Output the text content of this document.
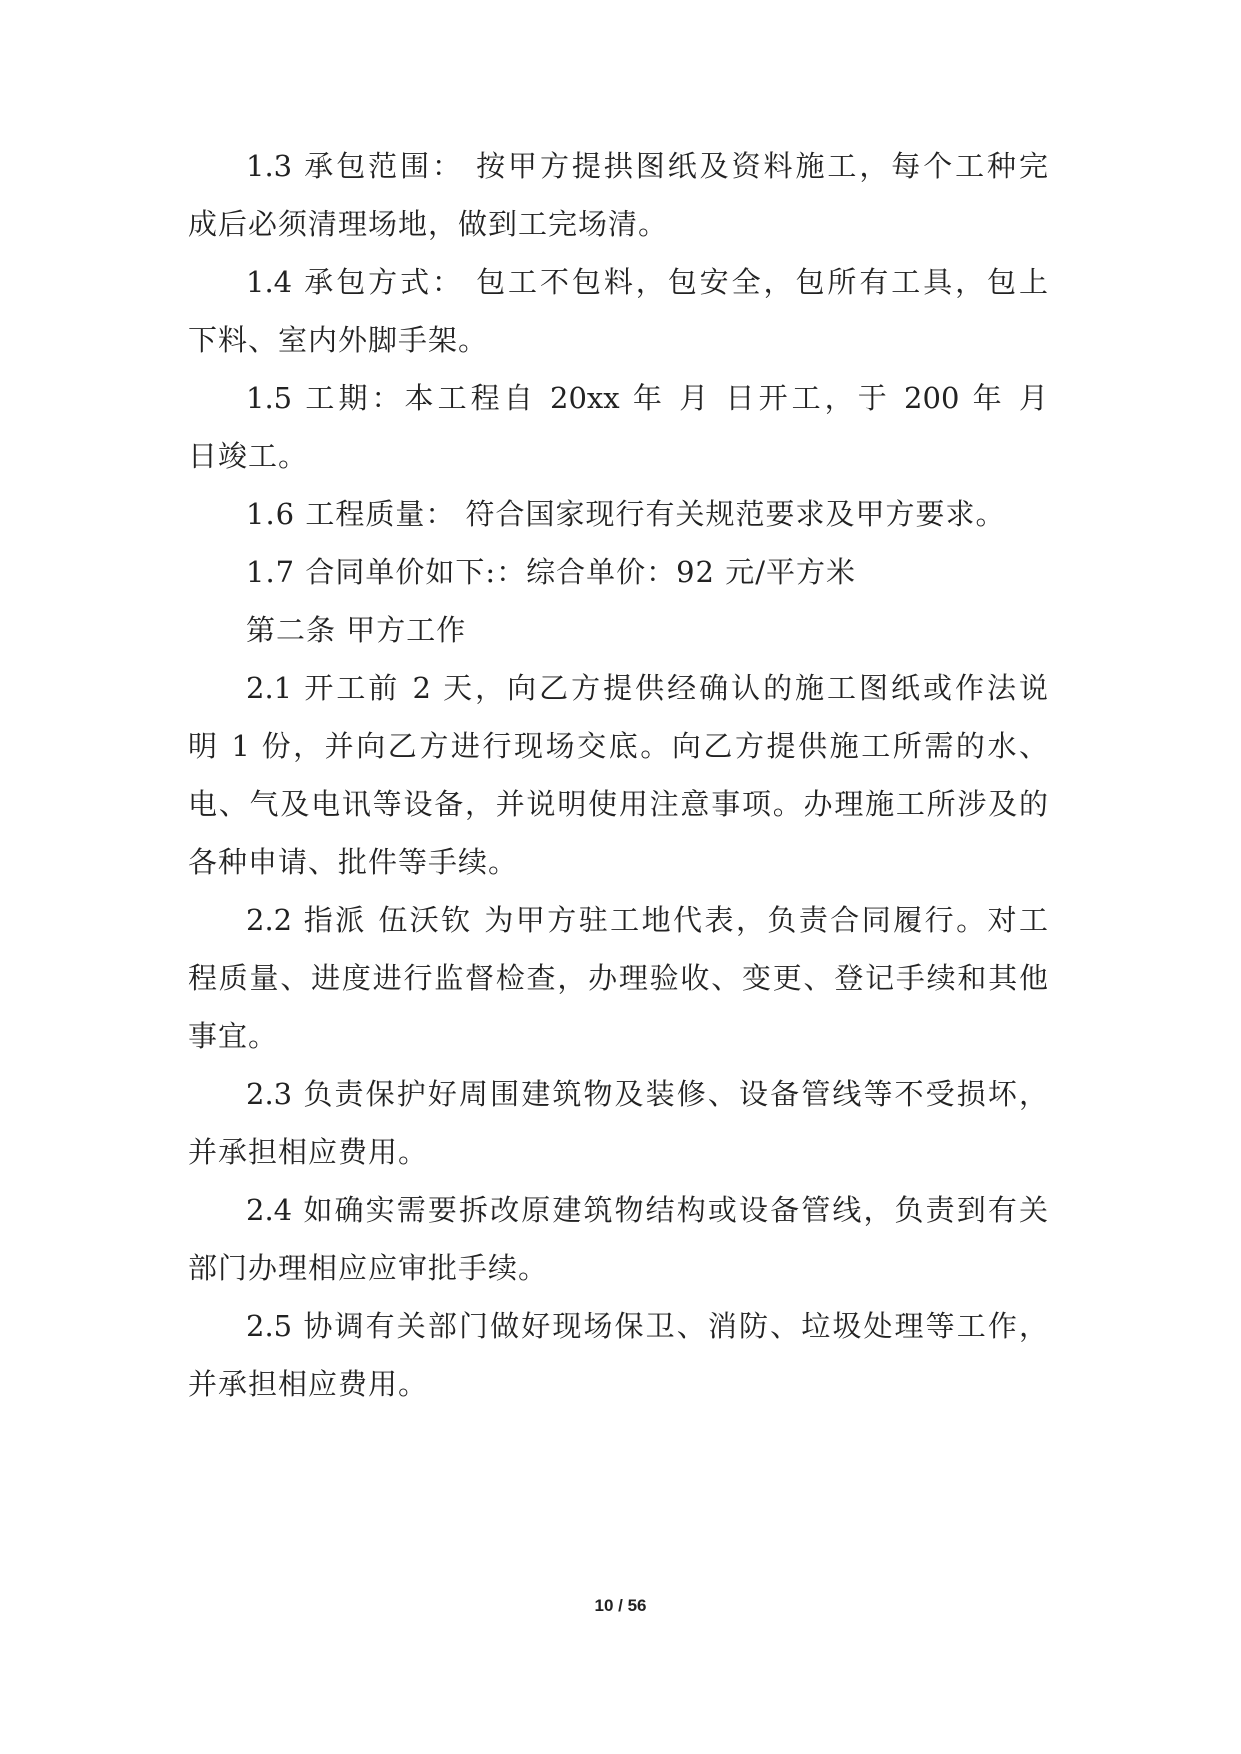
1.3 承包范围： 按甲方提拱图纸及资料施工，每个工种完
成后必须清理场地，做到工完场清。
1.4 承包方式： 包工不包料，包安全，包所有工具，包上
下料、室内外脚手架。
1.5 工期：本工程自 20xx 年 月 日开工，于 200 年 月
日竣工。
1.6 工程质量： 符合国家现行有关规范要求及甲方要求。
1.7 合同单价如下:：综合单价：92 元/平方米
第二条 甲方工作
2.1 开工前 2 天，向乙方提供经确认的施工图纸或作法说
明 1 份，并向乙方进行现场交底。向乙方提供施工所需的水、
电、气及电讯等设备，并说明使用注意事项。办理施工所涉及的
各种申请、批件等手续。
2.2 指派 伍沃钦 为甲方驻工地代表，负责合同履行。对工
程质量、进度进行监督检查，办理验收、变更、登记手续和其他
事宜。
2.3 负责保护好周围建筑物及装修、设备管线等不受损坏，
并承担相应费用。
2.4 如确实需要拆改原建筑物结构或设备管线，负责到有关
部门办理相应应审批手续。
2.5 协调有关部门做好现场保卫、消防、垃圾处理等工作，
并承担相应费用。
10 / 56
